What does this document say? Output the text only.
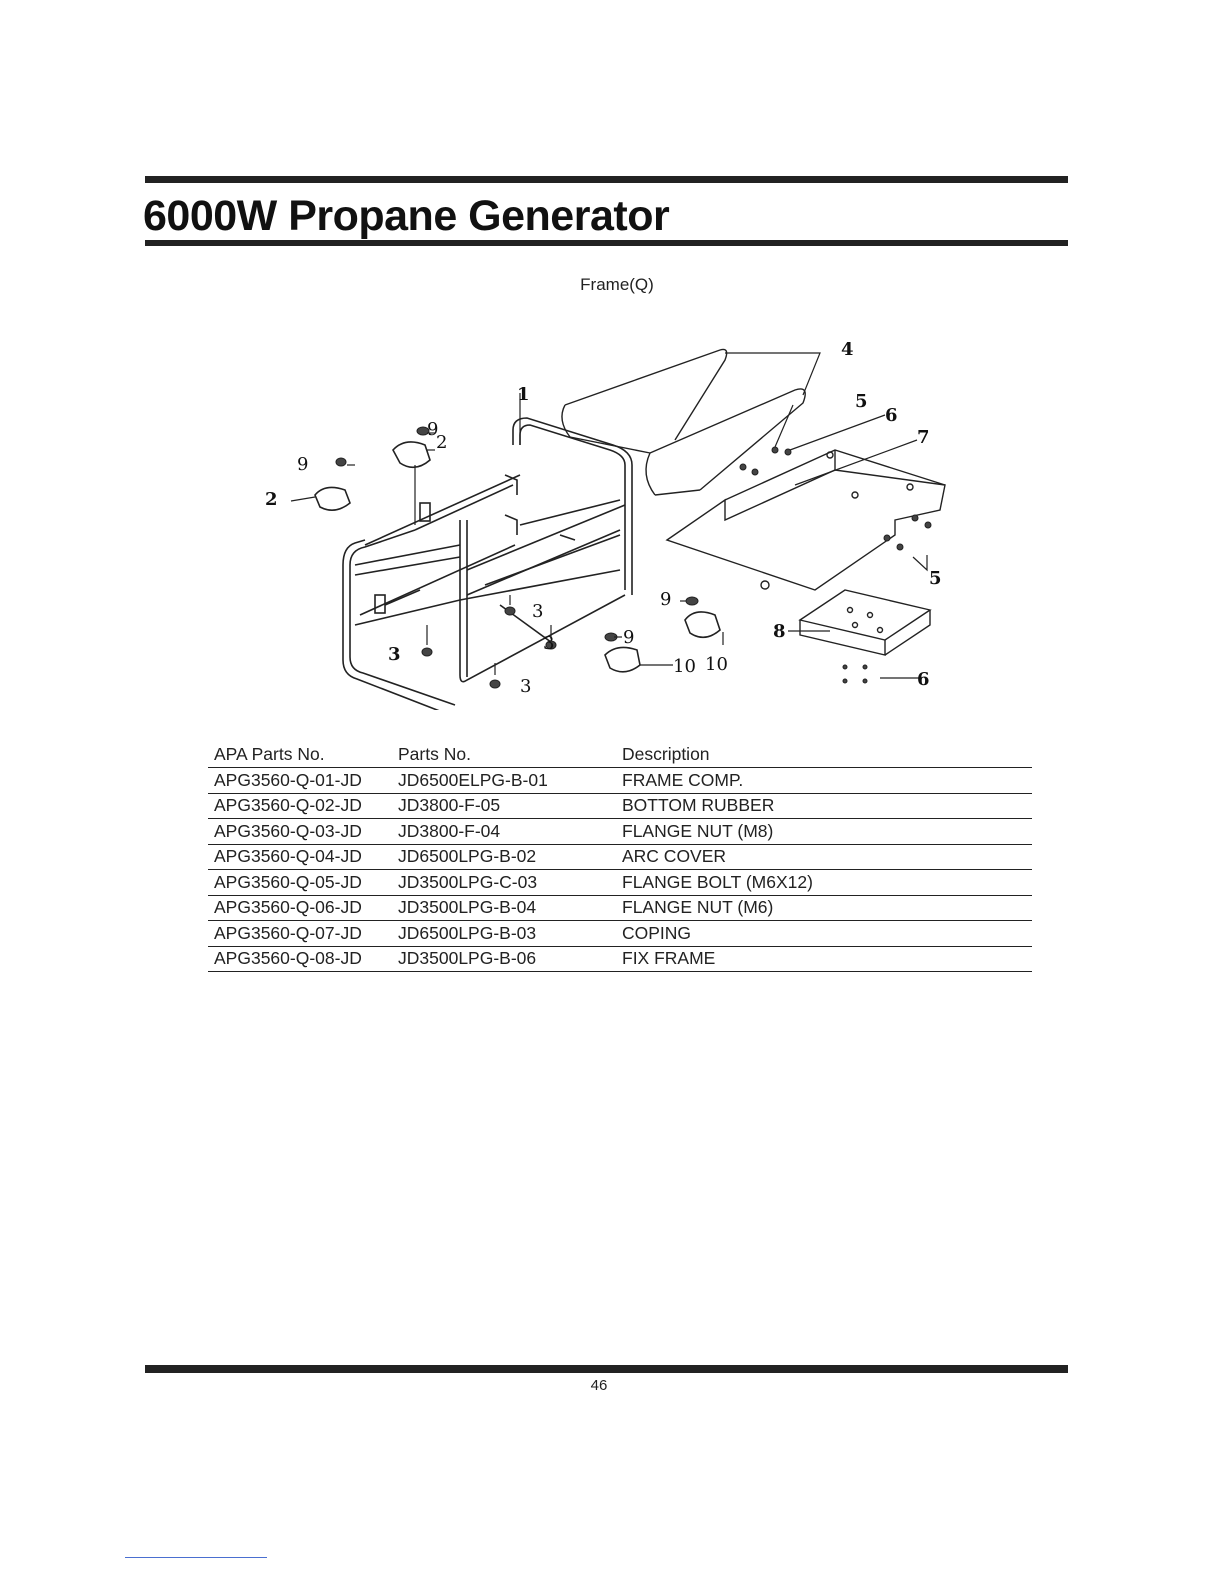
6000W Propane Generator
Frame(Q)
1
2
2
9
9
9
9
4
5
6
7
5
8
6
10 10
3
3
3
3
APA Parts No.	Parts No.	Description
APG3560-Q-01-JD	JD6500ELPG-B-01	FRAME COMP.
APG3560-Q-02-JD	JD3800-F-05	BOTTOM RUBBER
APG3560-Q-03-JD	JD3800-F-04	FLANGE NUT (M8)
APG3560-Q-04-JD	JD6500LPG-B-02	ARC COVER
APG3560-Q-05-JD	JD3500LPG-C-03	FLANGE BOLT (M6X12)
APG3560-Q-06-JD	JD3500LPG-B-04	FLANGE NUT (M6)
APG3560-Q-07-JD	JD6500LPG-B-03	COPING
APG3560-Q-08-JD	JD3500LPG-B-06	FIX FRAME
46
